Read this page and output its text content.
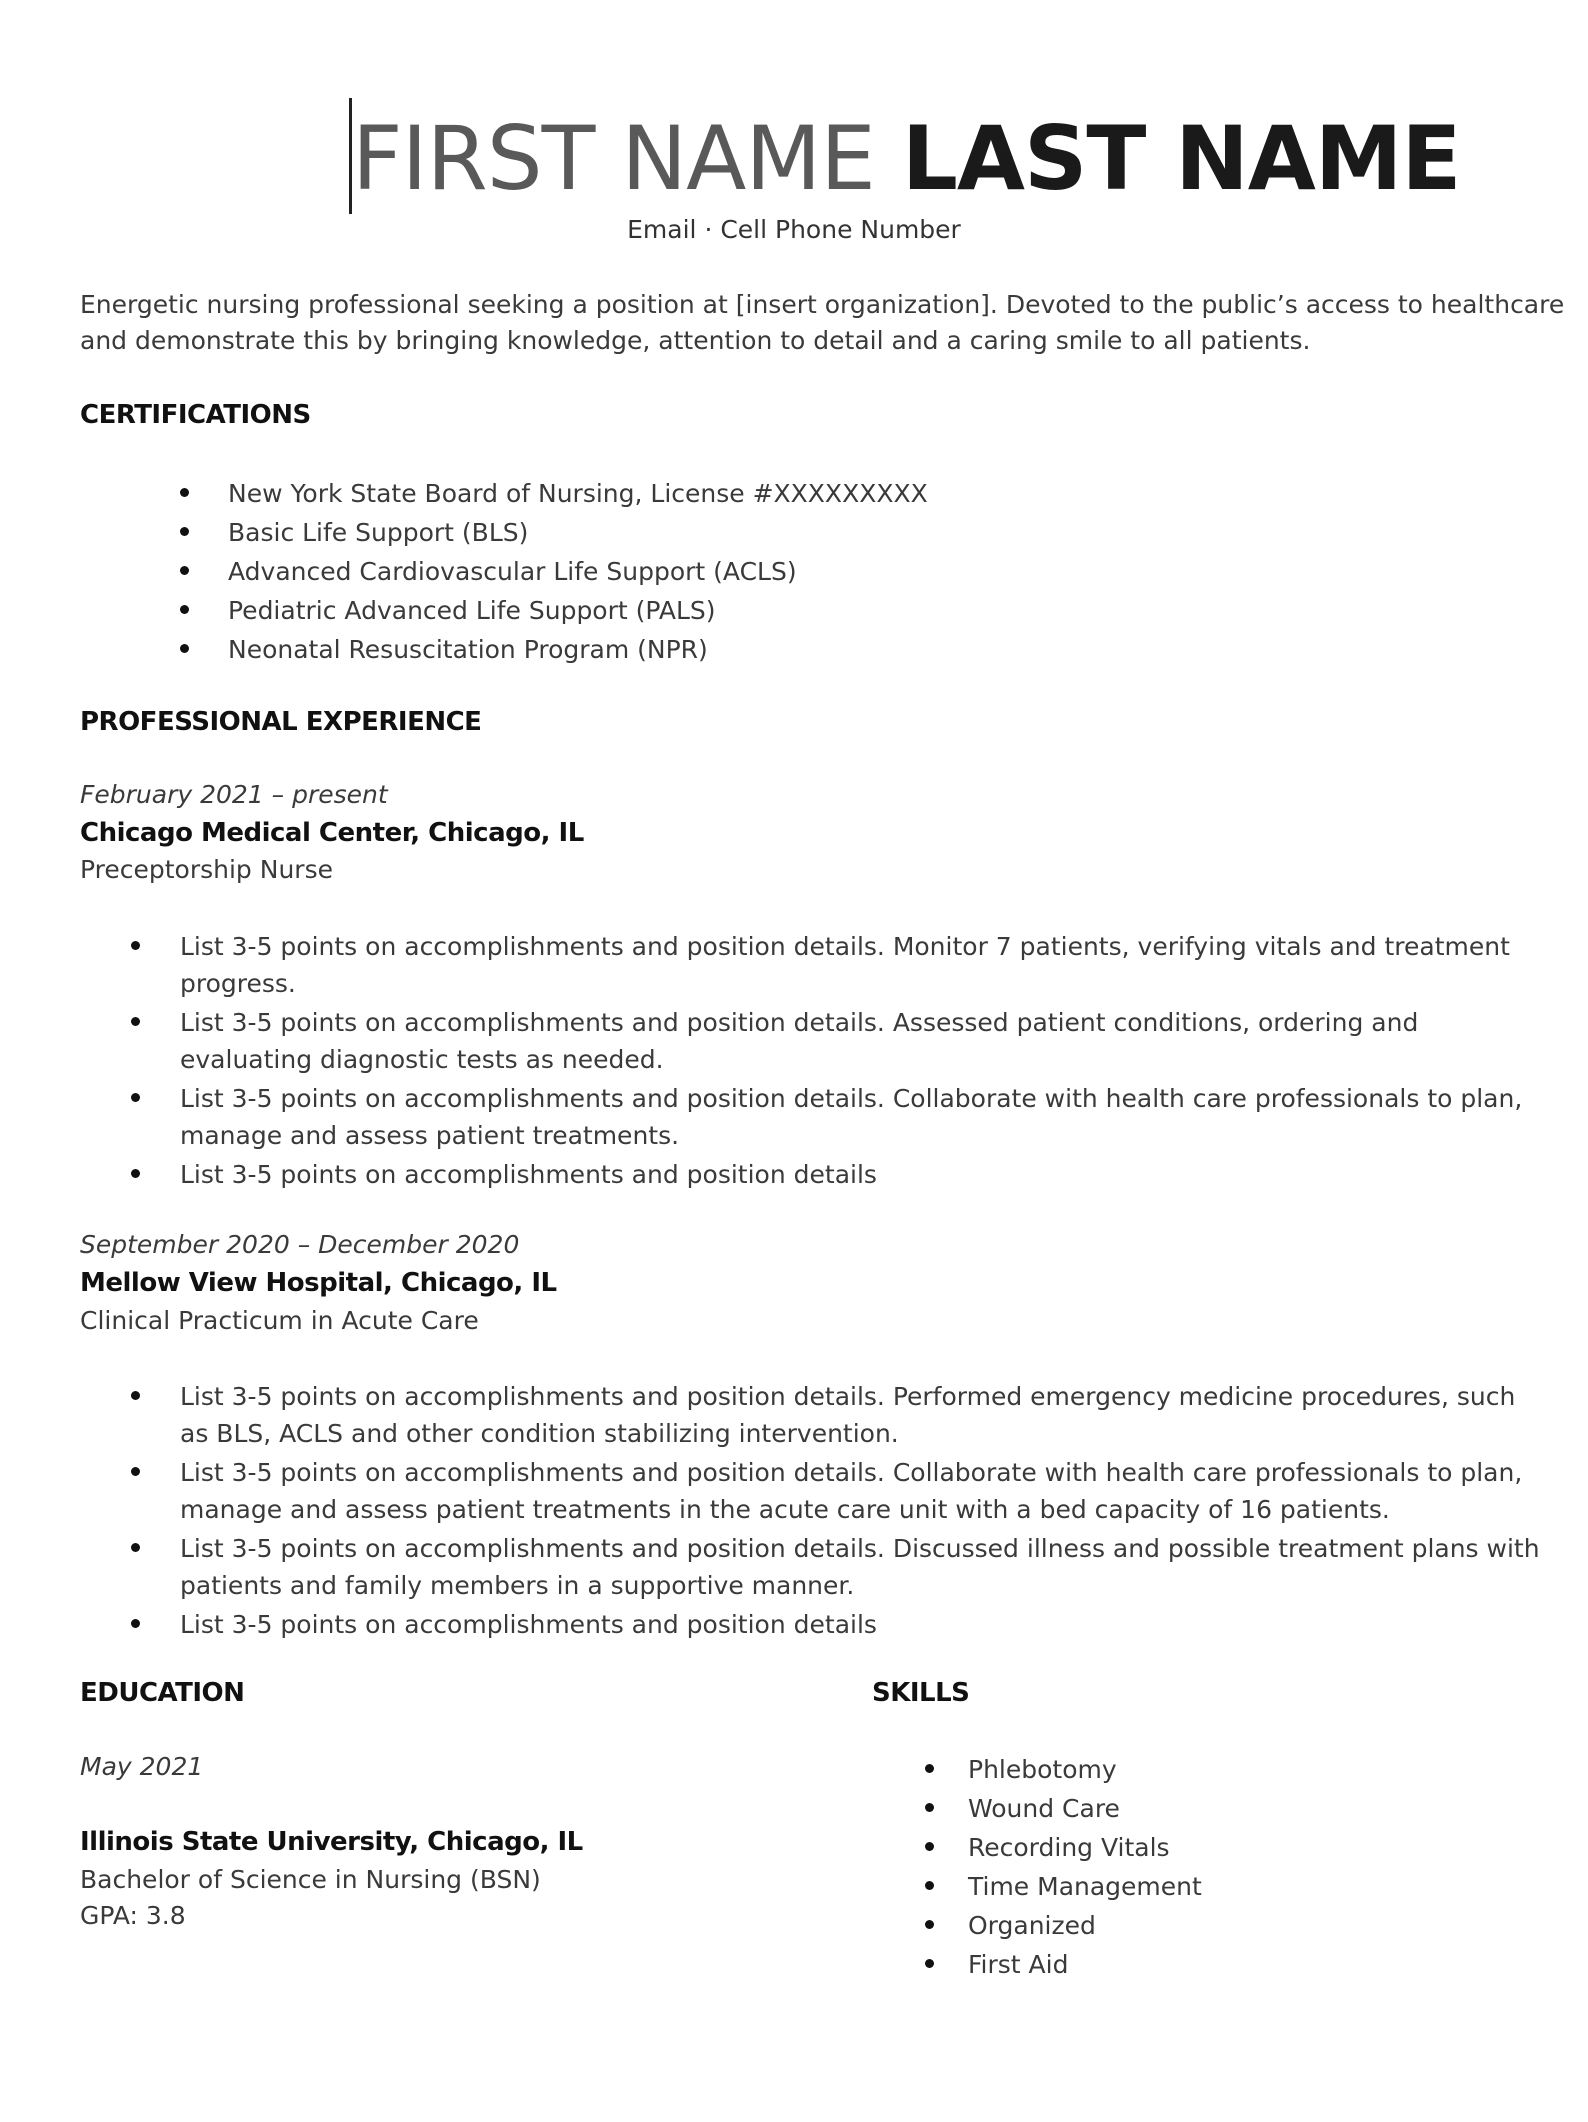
FIRST NAME LAST NAME
Email · Cell Phone Number
Energetic nursing professional seeking a position at [insert organization]. Devoted to the public’s access to healthcare and demonstrate this by bringing knowledge, attention to detail and a caring smile to all patients.
CERTIFICATIONS
New York State Board of Nursing, License #XXXXXXXXX
Basic Life Support (BLS)
Advanced Cardiovascular Life Support (ACLS)
Pediatric Advanced Life Support (PALS)
Neonatal Resuscitation Program (NPR)
PROFESSIONAL EXPERIENCE
February 2021 – present
Chicago Medical Center, Chicago, IL
Preceptorship Nurse
List 3-5 points on accomplishments and position details. Monitor 7 patients, verifying vitals and treatment progress.
List 3-5 points on accomplishments and position details. Assessed patient conditions, ordering and evaluating diagnostic tests as needed.
List 3-5 points on accomplishments and position details. Collaborate with health care professionals to plan, manage and assess patient treatments.
List 3-5 points on accomplishments and position details
September 2020 – December 2020
Mellow View Hospital, Chicago, IL
Clinical Practicum in Acute Care
List 3-5 points on accomplishments and position details. Performed emergency medicine procedures, such as BLS, ACLS and other condition stabilizing intervention.
List 3-5 points on accomplishments and position details. Collaborate with health care professionals to plan, manage and assess patient treatments in the acute care unit with a bed capacity of 16 patients.
List 3-5 points on accomplishments and position details. Discussed illness and possible treatment plans with patients and family members in a supportive manner.
List 3-5 points on accomplishments and position details
EDUCATION
May 2021
Illinois State University, Chicago, IL
Bachelor of Science in Nursing (BSN)
GPA: 3.8
SKILLS
Phlebotomy
Wound Care
Recording Vitals
Time Management
Organized
First Aid
